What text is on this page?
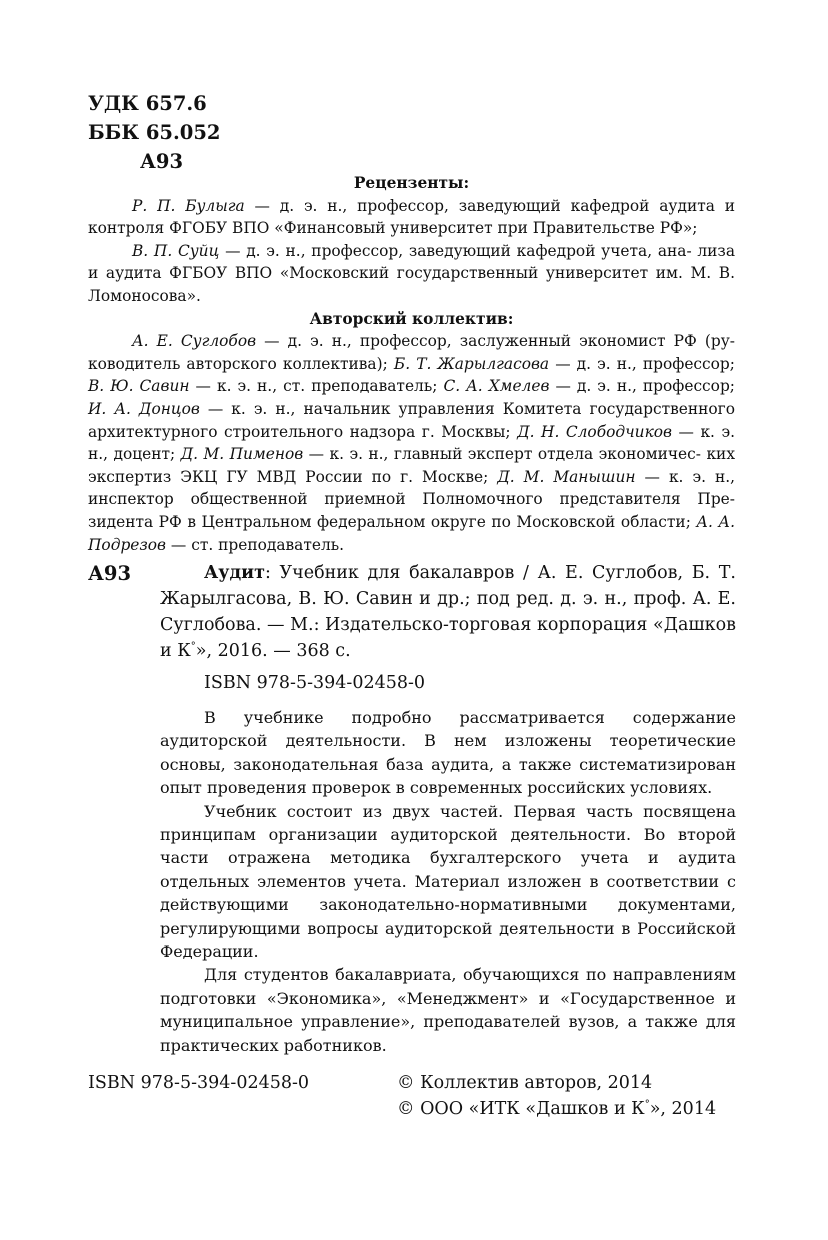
УДК 657.6
ББК 65.052
А93
Рецензенты:
Р. П. Булыга — д. э. н., профессор, заведующий кафедрой аудита и контроля ФГОБУ ВПО «Финансовый университет при Правительстве РФ»;
В. П. Суйц — д. э. н., профессор, заведующий кафедрой учета, ана- лиза и аудита ФГБОУ ВПО «Московский государственный университет им. М. В. Ломоносова».
Авторский коллектив:
А. Е. Суглобов — д. э. н., профессор, заслуженный экономист РФ (ру- ководитель авторского коллектива); Б. Т. Жарылгасова — д. э. н., профессор; В. Ю. Савин — к. э. н., ст. преподаватель; С. А. Хмелев — д. э. н., профессор; И. А. Донцов — к. э. н., начальник управления Комитета государственного архитектурного строительного надзора г. Москвы; Д. Н. Слободчиков — к. э. н., доцент; Д. М. Пименов — к. э. н., главный эксперт отдела экономичес- ких экспертиз ЭКЦ ГУ МВД России по г. Москве; Д. М. Манышин — к. э. н., инспектор общественной приемной Полномочного представителя Пре- зидента РФ в Центральном федеральном округе по Московской области; А. А. Подрезов — ст. преподаватель.
А93	Аудит: Учебник для бакалавров / А. Е. Суглобов, Б. Т. Жарылгасова, В. Ю. Савин и др.; под ред. д. э. н., проф. А. Е. Суглобова. — М.: Издательско-торговая корпорация «Дашков и К°», 2016. — 368 с.
ISBN 978-5-394-02458-0

В учебнике подробно рассматривается содержание аудиторской деятельности. В нем изложены теоретические основы, законодательная база аудита, а также систематизирован опыт проведения проверок в современных российских условиях.

Учебник состоит из двух частей. Первая часть посвящена принципам организации аудиторской деятельности. Во второй части отражена методика бухгалтерского учета и аудита отдельных элементов учета. Материал изложен в соответствии с действующими законодательно-нормативными документами, регулирующими вопросы аудиторской деятельности в Российской Федерации.

Для студентов бакалавриата, обучающихся по направлениям подготовки «Экономика», «Менеджмент» и «Государственное и муниципальное управление», преподавателей вузов, а также для практических работников.

ISBN 978-5-394-02458-0	© Коллектив авторов, 2014
© ООО «ИТК «Дашков и К°», 2014
